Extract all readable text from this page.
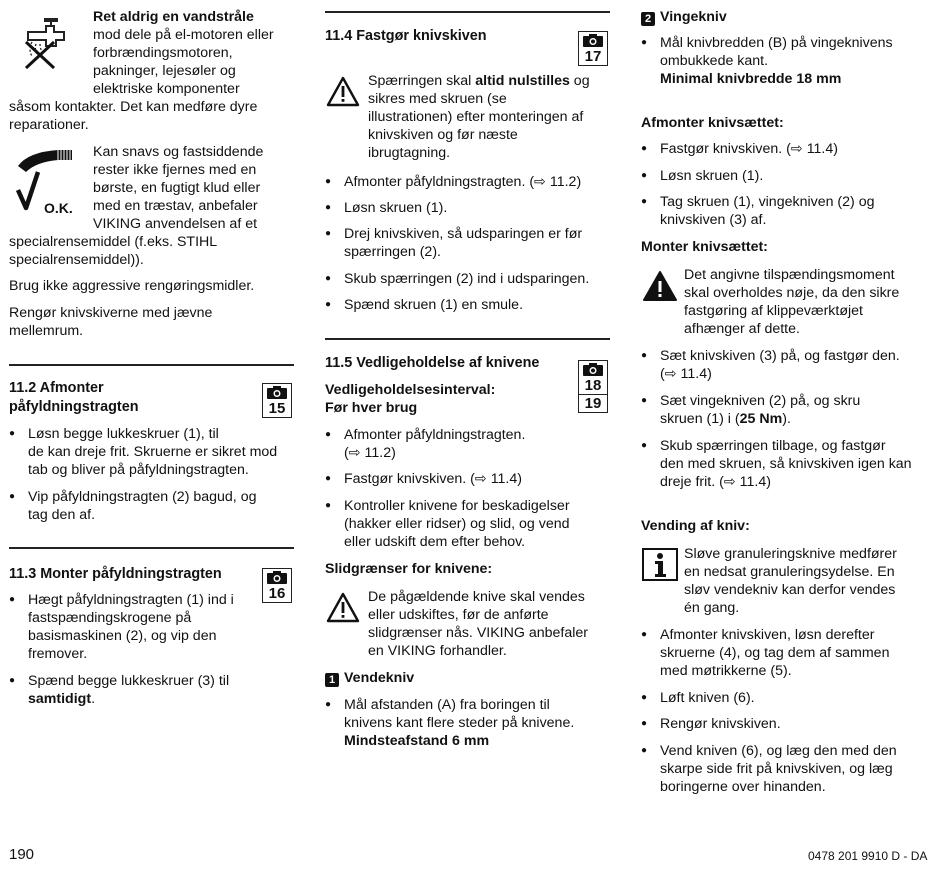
Ret aldrig en vandstråle

mod dele på el-motoren eller

forbrændingsmotoren,

pakninger, lejesøler og

elektriske komponenter

såsom kontakter. Det kan medføre dyre

reparationer.

O.K.

Kan snavs og fastsiddende

rester ikke fjernes med en

børste, en fugtigt klud eller

med en træstav, anbefaler

VIKING anvendelsen af et

specialrensemiddel (f.eks. STIHL

specialrensemiddel)).

Brug ikke aggressive rengøringsmidler.

Rengør knivskiverne med jævne

mellemrum.

11.2 Afmonter

påfyldningstragten	15
● Løsn begge lukkeskruer (1), til
de kan dreje frit. Skruerne er sikret mod
tab og bliver på påfyldningstragten.
● Vip påfyldningstragten (2) bagud, og
tag den af.

11.3 Monter påfyldningstragten

16
● Hægt påfyldningstragten (1) ind i
fastspændingskrogene på
basismaskinen (2), og vip den
fremover.
● Spænd begge lukkeskruer (3) til
samtidigt.

190

11.4 Fastgør knivskiven

17

Spærringen skal altid nulstilles og

sikres med skruen (se

illustrationen) efter monteringen af

knivskiven og før næste

ibrugtagning.

● Afmonter påfyldningstragten. (⇨ 11.2)
● Løsn skruen (1).
● Drej knivskiven, så udsparingen er før
spærringen (2).
● Skub spærringen (2) ind i udsparingen.
● Spænd skruen (1) en smule.

11.5 Vedligeholdelse af knivene

18
19

Vedligeholdelsesinterval:

Før hver brug

● Afmonter påfyldningstragten.
(⇨ 11.2)
● Fastgør knivskiven. (⇨ 11.4)
● Kontroller knivene for beskadigelser
(hakker eller ridser) og slid, og vend
eller udskift dem efter behov.

Slidgrænser for knivene:

De pågældende knive skal vendes

eller udskiftes, før de anførte

slidgrænser nås. VIKING anbefaler

en VIKING forhandler.

1 Vendekniv

● Mål afstanden (A) fra boringen til
knivens kant flere steder på knivene.
Mindsteafstand 6 mm

2 Vingekniv

● Mål knivbredden (B) på vingeknivens
ombukkede kant.
Minimal knivbredde 18 mm

Afmonter knivsættet:

● Fastgør knivskiven. (⇨ 11.4)
● Løsn skruen (1).
● Tag skruen (1), vingekniven (2) og
knivskiven (3) af.

Monter knivsættet:

Det angivne tilspændingsmoment

skal overholdes nøje, da den sikre

fastgøring af klippeværktøjet

afhænger af dette.

● Sæt knivskiven (3) på, og fastgør den.
(⇨ 11.4)
● Sæt vingekniven (2) på, og skru
skruen (1) i (25 Nm).
● Skub spærringen tilbage, og fastgør
den med skruen, så knivskiven igen kan
dreje frit. (⇨ 11.4)

Vending af kniv:

Sløve granuleringsknive medfører

en nedsat granuleringsydelse. En

sløv vendekniv kan derfor vendes

én gang.

● Afmonter knivskiven, løsn derefter
skruerne (4), og tag dem af sammen
med møtrikkerne (5).
● Løft kniven (6).
● Rengør knivskiven.
● Vend kniven (6), og læg den med den
skarpe side frit på knivskiven, og læg
boringerne over hinanden.

0478 201 9910 D - DA
